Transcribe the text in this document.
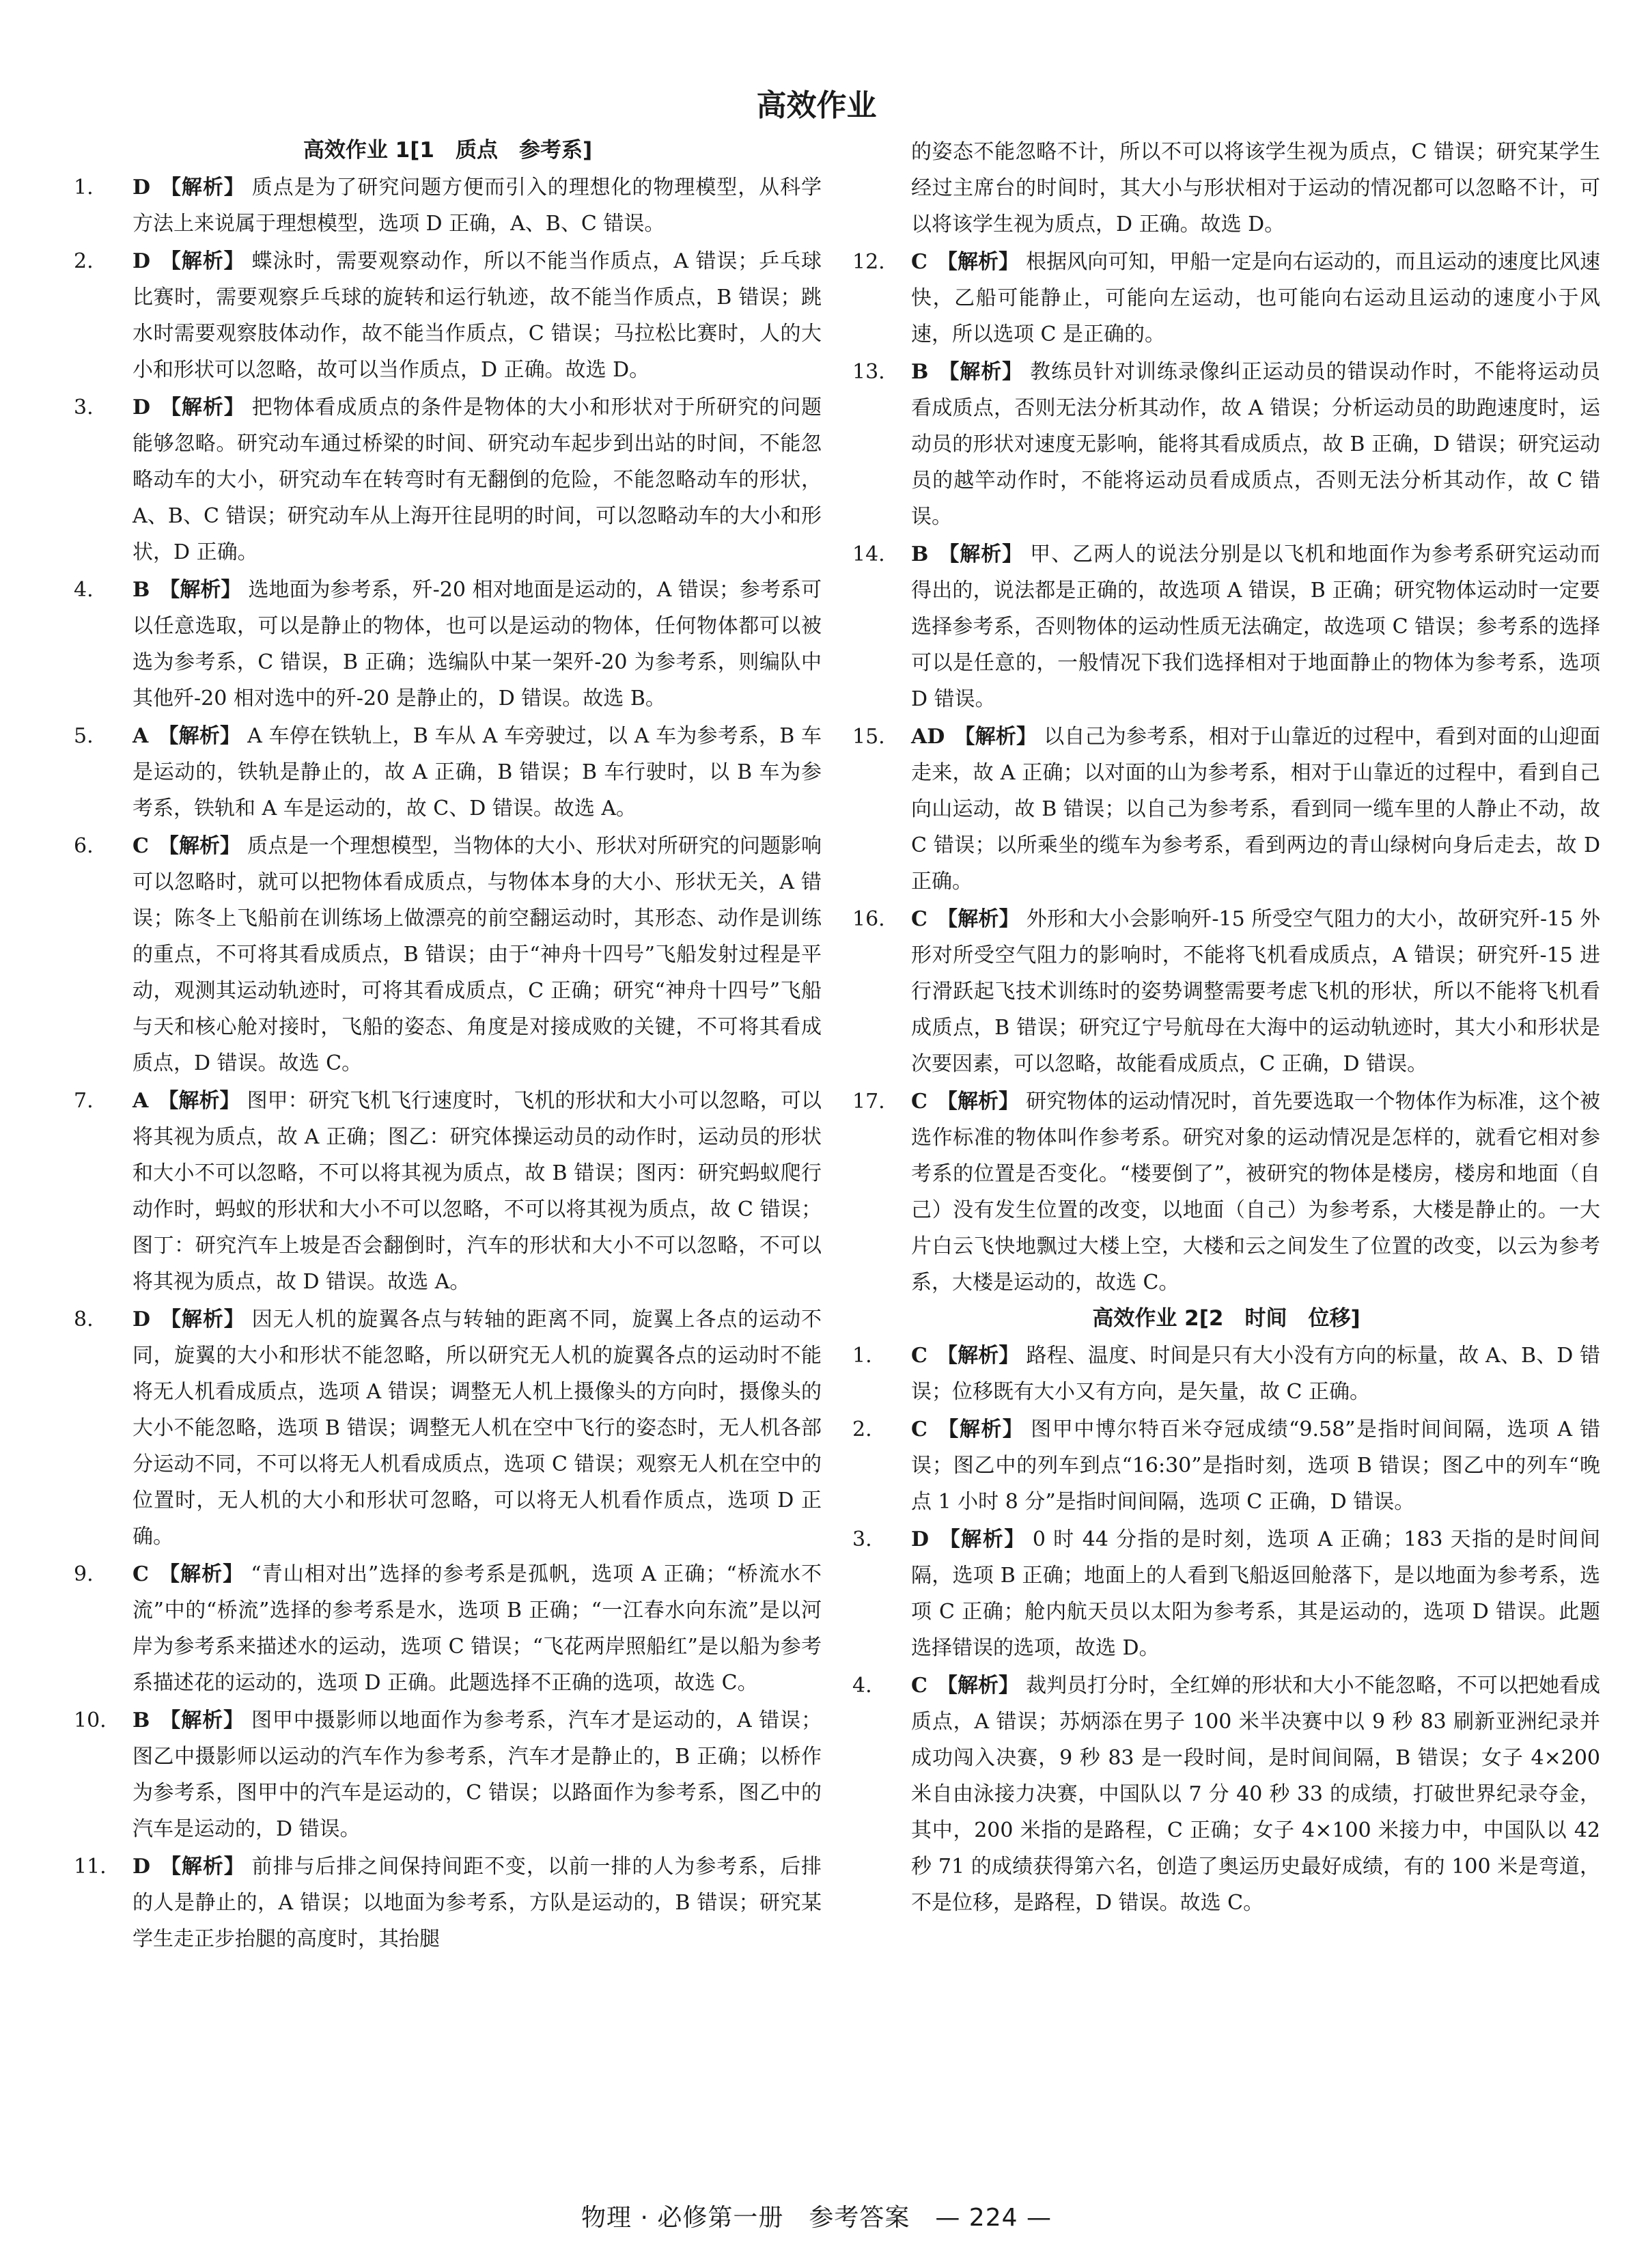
高效作业
高效作业 1[1　质点　参考系]
1. D 【解析】 质点是为了研究问题方便而引入的理想化的物理模型，从科学方法上来说属于理想模型，选项 D 正确，A、B、C 错误。
2. D 【解析】 蝶泳时，需要观察动作，所以不能当作质点，A 错误；乒乓球比赛时，需要观察乒乓球的旋转和运行轨迹，故不能当作质点，B 错误；跳水时需要观察肢体动作，故不能当作质点，C 错误；马拉松比赛时，人的大小和形状可以忽略，故可以当作质点，D 正确。故选 D。
3. D 【解析】 把物体看成质点的条件是物体的大小和形状对于所研究的问题能够忽略。研究动车通过桥梁的时间、研究动车起步到出站的时间，不能忽略动车的大小，研究动车在转弯时有无翻倒的危险，不能忽略动车的形状，A、B、C 错误；研究动车从上海开往昆明的时间，可以忽略动车的大小和形状，D 正确。
4. B 【解析】 选地面为参考系，歼-20 相对地面是运动的，A 错误；参考系可以任意选取，可以是静止的物体，也可以是运动的物体，任何物体都可以被选为参考系，C 错误，B 正确；选编队中某一架歼-20 为参考系，则编队中其他歼-20 相对选中的歼-20 是静止的，D 错误。故选 B。
5. A 【解析】 A 车停在铁轨上，B 车从 A 车旁驶过，以 A 车为参考系，B 车是运动的，铁轨是静止的，故 A 正确，B 错误；B 车行驶时，以 B 车为参考系，铁轨和 A 车是运动的，故 C、D 错误。故选 A。
6. C 【解析】 质点是一个理想模型，当物体的大小、形状对所研究的问题影响可以忽略时，就可以把物体看成质点，与物体本身的大小、形状无关，A 错误；陈冬上飞船前在训练场上做漂亮的前空翻运动时，其形态、动作是训练的重点，不可将其看成质点，B 错误；由于“神舟十四号”飞船发射过程是平动，观测其运动轨迹时，可将其看成质点，C 正确；研究“神舟十四号”飞船与天和核心舱对接时，飞船的姿态、角度是对接成败的关键，不可将其看成质点，D 错误。故选 C。
7. A 【解析】 图甲：研究飞机飞行速度时，飞机的形状和大小可以忽略，可以将其视为质点，故 A 正确；图乙：研究体操运动员的动作时，运动员的形状和大小不可以忽略，不可以将其视为质点，故 B 错误；图丙：研究蚂蚁爬行动作时，蚂蚁的形状和大小不可以忽略，不可以将其视为质点，故 C 错误；图丁：研究汽车上坡是否会翻倒时，汽车的形状和大小不可以忽略，不可以将其视为质点，故 D 错误。故选 A。
8. D 【解析】 因无人机的旋翼各点与转轴的距离不同，旋翼上各点的运动不同，旋翼的大小和形状不能忽略，所以研究无人机的旋翼各点的运动时不能将无人机看成质点，选项 A 错误；调整无人机上摄像头的方向时，摄像头的大小不能忽略，选项 B 错误；调整无人机在空中飞行的姿态时，无人机各部分运动不同，不可以将无人机看成质点，选项 C 错误；观察无人机在空中的位置时，无人机的大小和形状可忽略，可以将无人机看作质点，选项 D 正确。
9. C 【解析】 “青山相对出”选择的参考系是孤帆，选项 A 正确；“桥流水不流”中的“桥流”选择的参考系是水，选项 B 正确；“一江春水向东流”是以河岸为参考系来描述水的运动，选项 C 错误；“飞花两岸照船红”是以船为参考系描述花的运动的，选项 D 正确。此题选择不正确的选项，故选 C。
10. B 【解析】 图甲中摄影师以地面作为参考系，汽车才是运动的，A 错误；图乙中摄影师以运动的汽车作为参考系，汽车才是静止的，B 正确；以桥作为参考系，图甲中的汽车是运动的，C 错误；以路面作为参考系，图乙中的汽车是运动的，D 错误。
11. D 【解析】 前排与后排之间保持间距不变，以前一排的人为参考系，后排的人是静止的，A 错误；以地面为参考系，方队是运动的，B 错误；研究某学生走正步抬腿的高度时，其抬腿
的姿态不能忽略不计，所以不可以将该学生视为质点，C 错误；研究某学生经过主席台的时间时，其大小与形状相对于运动的情况都可以忽略不计，可以将该学生视为质点，D 正确。故选 D。
12. C 【解析】 根据风向可知，甲船一定是向右运动的，而且运动的速度比风速快，乙船可能静止，可能向左运动，也可能向右运动且运动的速度小于风速，所以选项 C 是正确的。
13. B 【解析】 教练员针对训练录像纠正运动员的错误动作时，不能将运动员看成质点，否则无法分析其动作，故 A 错误；分析运动员的助跑速度时，运动员的形状对速度无影响，能将其看成质点，故 B 正确，D 错误；研究运动员的越竿动作时，不能将运动员看成质点，否则无法分析其动作，故 C 错误。
14. B 【解析】 甲、乙两人的说法分别是以飞机和地面作为参考系研究运动而得出的，说法都是正确的，故选项 A 错误，B 正确；研究物体运动时一定要选择参考系，否则物体的运动性质无法确定，故选项 C 错误；参考系的选择可以是任意的，一般情况下我们选择相对于地面静止的物体为参考系，选项 D 错误。
15. AD 【解析】 以自己为参考系，相对于山靠近的过程中，看到对面的山迎面走来，故 A 正确；以对面的山为参考系，相对于山靠近的过程中，看到自己向山运动，故 B 错误；以自己为参考系，看到同一缆车里的人静止不动，故 C 错误；以所乘坐的缆车为参考系，看到两边的青山绿树向身后走去，故 D 正确。
16. C 【解析】 外形和大小会影响歼-15 所受空气阻力的大小，故研究歼-15 外形对所受空气阻力的影响时，不能将飞机看成质点，A 错误；研究歼-15 进行滑跃起飞技术训练时的姿势调整需要考虑飞机的形状，所以不能将飞机看成质点，B 错误；研究辽宁号航母在大海中的运动轨迹时，其大小和形状是次要因素，可以忽略，故能看成质点，C 正确，D 错误。
17. C 【解析】 研究物体的运动情况时，首先要选取一个物体作为标准，这个被选作标准的物体叫作参考系。研究对象的运动情况是怎样的，就看它相对参考系的位置是否变化。“楼要倒了”，被研究的物体是楼房，楼房和地面（自己）没有发生位置的改变，以地面（自己）为参考系，大楼是静止的。一大片白云飞快地飘过大楼上空，大楼和云之间发生了位置的改变，以云为参考系，大楼是运动的，故选 C。
高效作业 2[2　时间　位移]
1. C 【解析】 路程、温度、时间是只有大小没有方向的标量，故 A、B、D 错误；位移既有大小又有方向，是矢量，故 C 正确。
2. C 【解析】 图甲中博尔特百米夺冠成绩“9.58”是指时间间隔，选项 A 错误；图乙中的列车到点“16:30”是指时刻，选项 B 错误；图乙中的列车“晚点 1 小时 8 分”是指时间间隔，选项 C 正确，D 错误。
3. D 【解析】 0 时 44 分指的是时刻，选项 A 正确；183 天指的是时间间隔，选项 B 正确；地面上的人看到飞船返回舱落下，是以地面为参考系，选项 C 正确；舱内航天员以太阳为参考系，其是运动的，选项 D 错误。此题选择错误的选项，故选 D。
4. C 【解析】 裁判员打分时，全红婵的形状和大小不能忽略，不可以把她看成质点，A 错误；苏炳添在男子 100 米半决赛中以 9 秒 83 刷新亚洲纪录并成功闯入决赛，9 秒 83 是一段时间，是时间间隔，B 错误；女子 4×200 米自由泳接力决赛，中国队以 7 分 40 秒 33 的成绩，打破世界纪录夺金，其中，200 米指的是路程，C 正确；女子 4×100 米接力中，中国队以 42 秒 71 的成绩获得第六名，创造了奥运历史最好成绩，有的 100 米是弯道，不是位移，是路程，D 错误。故选 C。
物理 · 必修第一册　参考答案　— 224 —
